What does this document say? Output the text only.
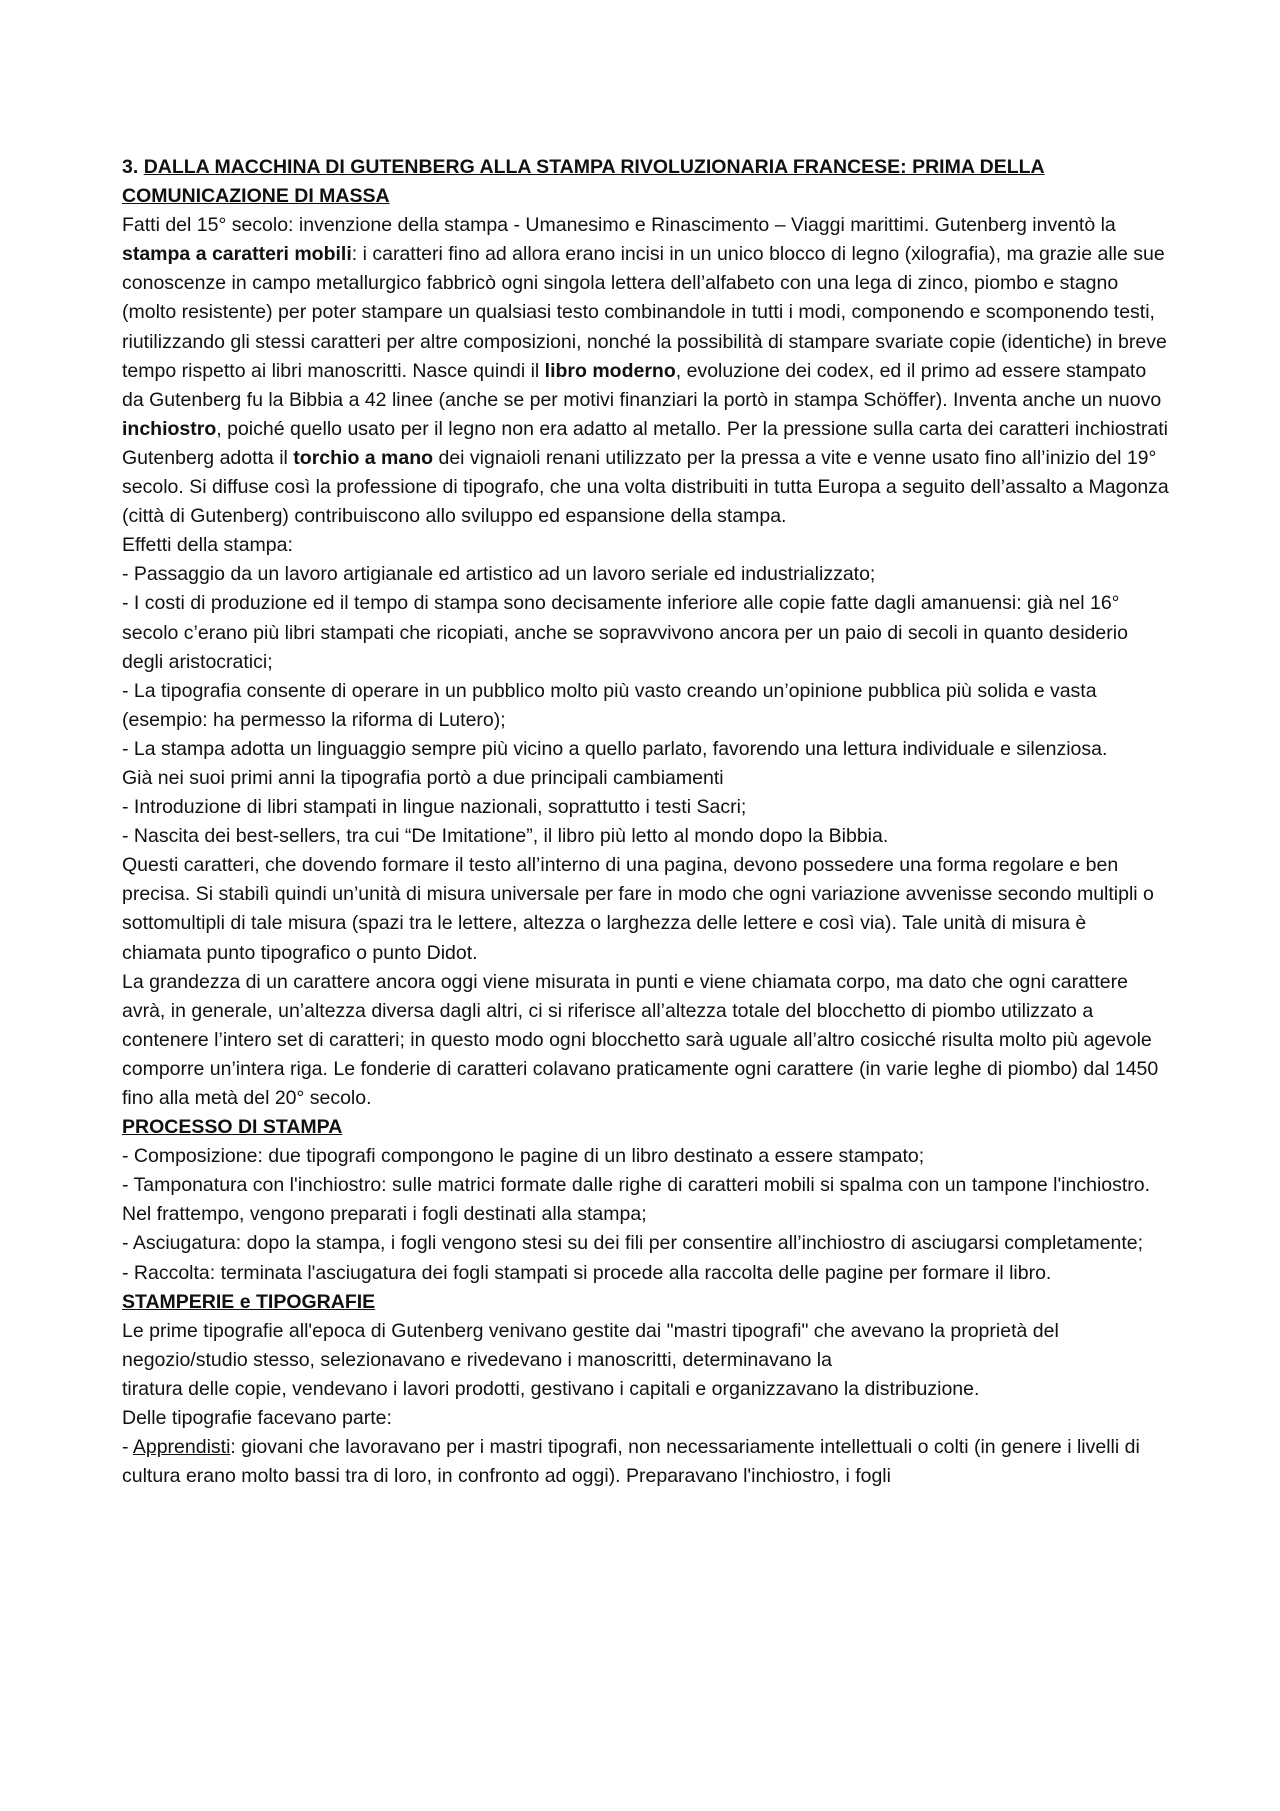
3. DALLA MACCHINA DI GUTENBERG ALLA STAMPA RIVOLUZIONARIA FRANCESE: PRIMA DELLA COMUNICAZIONE DI MASSA

Fatti del 15° secolo: invenzione della stampa - Umanesimo e Rinascimento – Viaggi marittimi. Gutenberg inventò la stampa a caratteri mobili: i caratteri fino ad allora erano incisi in un unico blocco di legno (xilografia), ma grazie alle sue conoscenze in campo metallurgico fabbricò ogni singola lettera dell’alfabeto con una lega di zinco, piombo e stagno (molto resistente) per poter stampare un qualsiasi testo combinandole in tutti i modi, componendo e scomponendo testi, riutilizzando gli stessi caratteri per altre composizioni, nonché la possibilità di stampare svariate copie (identiche) in breve tempo rispetto ai libri manoscritti. Nasce quindi il libro moderno, evoluzione dei codex, ed il primo ad essere stampato da Gutenberg fu la Bibbia a 42 linee (anche se per motivi finanziari la portò in stampa Schöffer). Inventa anche un nuovo inchiostro, poiché quello usato per il legno non era adatto al metallo. Per la pressione sulla carta dei caratteri inchiostrati Gutenberg adotta il torchio a mano dei vignaioli renani utilizzato per la pressa a vite e venne usato fino all’inizio del 19° secolo. Si diffuse così la professione di tipografo, che una volta distribuiti in tutta Europa a seguito dell’assalto a Magonza (città di Gutenberg) contribuiscono allo sviluppo ed espansione della stampa.

Effetti della stampa:

- Passaggio da un lavoro artigianale ed artistico ad un lavoro seriale ed industrializzato;

- I costi di produzione ed il tempo di stampa sono decisamente inferiore alle copie fatte dagli amanuensi: già nel 16° secolo c’erano più libri stampati che ricopiati, anche se sopravvivono ancora per un paio di secoli in quanto desiderio degli aristocratici;

- La tipografia consente di operare in un pubblico molto più vasto creando un’opinione pubblica più solida e vasta (esempio: ha permesso la riforma di Lutero);

- La stampa adotta un linguaggio sempre più vicino a quello parlato, favorendo una lettura individuale e silenziosa.

Già nei suoi primi anni la tipografia portò a due principali cambiamenti

- Introduzione di libri stampati in lingue nazionali, soprattutto i testi Sacri;

- Nascita dei best-sellers, tra cui “De Imitatione”, il libro più letto al mondo dopo la Bibbia.

Questi caratteri, che dovendo formare il testo all’interno di una pagina, devono possedere una forma regolare e ben precisa. Si stabilì quindi un’unità di misura universale per fare in modo che ogni variazione avvenisse secondo multipli o sottomultipli di tale misura (spazi tra le lettere, altezza o larghezza delle lettere e così via). Tale unità di misura è chiamata punto tipografico o punto Didot.

La grandezza di un carattere ancora oggi viene misurata in punti e viene chiamata corpo, ma dato che ogni carattere avrà, in generale, un’altezza diversa dagli altri, ci si riferisce all’altezza totale del blocchetto di piombo utilizzato a contenere l’intero set di caratteri; in questo modo ogni blocchetto sarà uguale all’altro cosicché risulta molto più agevole comporre un’intera riga. Le fonderie di caratteri colavano praticamente ogni carattere (in varie leghe di piombo) dal 1450 fino alla metà del 20° secolo.

PROCESSO DI STAMPA

- Composizione: due tipografi compongono le pagine di un libro destinato a essere stampato;

- Tamponatura con l'inchiostro: sulle matrici formate dalle righe di caratteri mobili si spalma con un tampone l'inchiostro. Nel frattempo, vengono preparati i fogli destinati alla stampa;

- Asciugatura: dopo la stampa, i fogli vengono stesi su dei fili per consentire all’inchiostro di asciugarsi completamente;

- Raccolta: terminata l'asciugatura dei fogli stampati si procede alla raccolta delle pagine per formare il libro.

STAMPERIE e TIPOGRAFIE

Le prime tipografie all'epoca di Gutenberg venivano gestite dai "mastri tipografi" che avevano la proprietà del negozio/studio stesso, selezionavano e rivedevano i manoscritti, determinavano la

tiratura delle copie, vendevano i lavori prodotti, gestivano i capitali e organizzavano la distribuzione.

Delle tipografie facevano parte:

- Apprendisti: giovani che lavoravano per i mastri tipografi, non necessariamente intellettuali o colti (in genere i livelli di cultura erano molto bassi tra di loro, in confronto ad oggi). Preparavano l'inchiostro, i fogli
